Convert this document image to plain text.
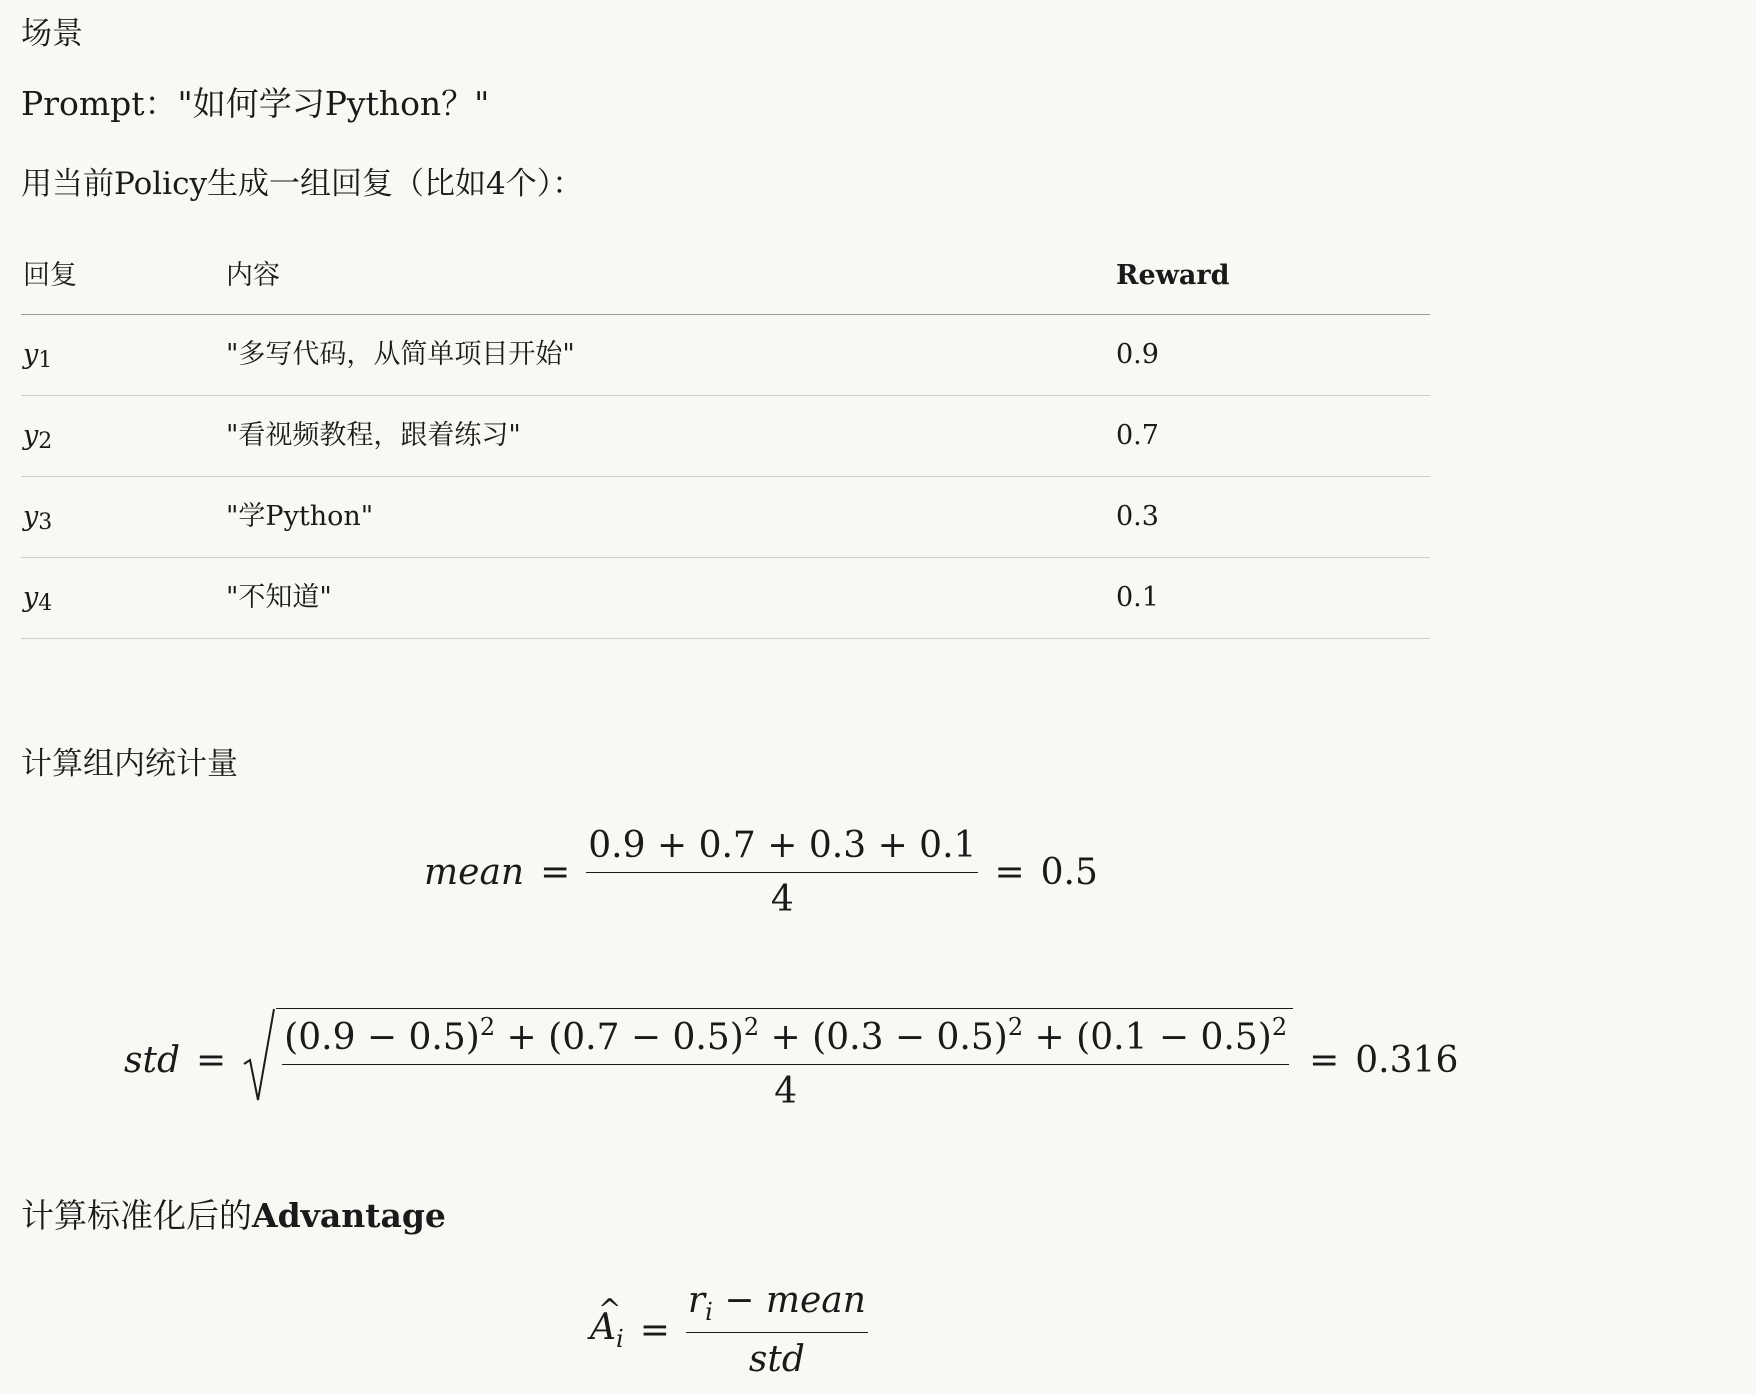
场景
Prompt："如何学习Python？"
用当前Policy生成一组回复（比如4个）：
回复	内容	Reward
$y_1$	"多写代码，从简单项目开始"	0.9
$y_2$	"看视频教程，跟着练习"	0.7
$y_3$	"学Python"	0.3
$y_4$	"不知道"	0.1
计算组内统计量
mean = $\frac{0.9 + 0.7 + 0.3 + 0.1}{4} = 0.5$
std = $\frac{(0.9 - 0.5)^2 + (0.7 - 0.5)^2 + (0.3 - 0.5)^2 + (0.1 - 0.5)^2}{4} = 0.316$
计算标准化后的Advantage
^ $A_i = \frac{r_i - mean}{\text{std}}$
